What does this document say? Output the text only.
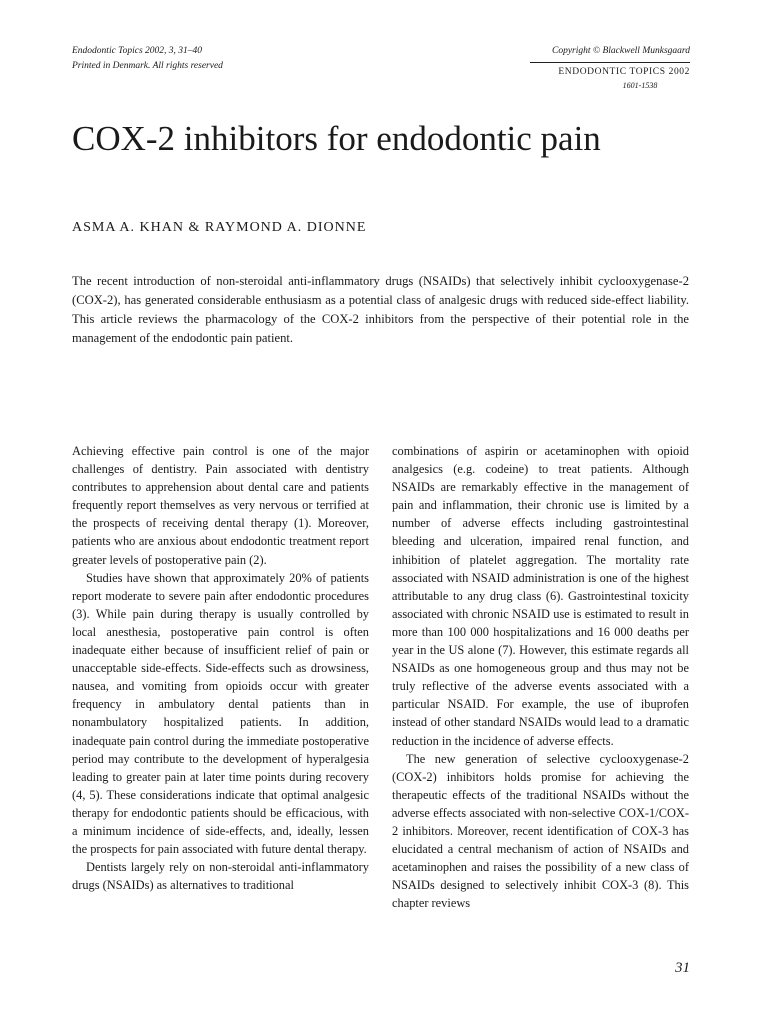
Endodontic Topics 2002, 3, 31–40
Printed in Denmark. All rights reserved
Copyright © Blackwell Munksgaard
ENDODONTIC TOPICS 2002
1601-1538
COX-2 inhibitors for endodontic pain

ASMA A. KHAN & RAYMOND A. DIONNE

The recent introduction of non-steroidal anti-inflammatory drugs (NSAIDs) that selectively inhibit cyclooxygenase-2 (COX-2), has generated considerable enthusiasm as a potential class of analgesic drugs with reduced side-effect liability. This article reviews the pharmacology of the COX-2 inhibitors from the perspective of their potential role in the management of the endodontic pain patient.

Achieving effective pain control is one of the major challenges of dentistry. Pain associated with dentistry contributes to apprehension about dental care and patients frequently report themselves as very nervous or terrified at the prospects of receiving dental therapy (1). Moreover, patients who are anxious about endodontic treatment report greater levels of postoperative pain (2).

Studies have shown that approximately 20% of patients report moderate to severe pain after endodontic procedures (3). While pain during therapy is usually controlled by local anesthesia, postoperative pain control is often inadequate either because of insufficient relief of pain or unacceptable side-effects. Side-effects such as drowsiness, nausea, and vomiting from opioids occur with greater frequency in ambulatory dental patients than in nonambulatory hospitalized patients. In addition, inadequate pain control during the immediate postoperative period may contribute to the development of hyperalgesia leading to greater pain at later time points during recovery (4, 5). These considerations indicate that optimal analgesic therapy for endodontic patients should be efficacious, with a minimum incidence of side-effects, and, ideally, lessen the prospects for pain associated with future dental therapy.

Dentists largely rely on non-steroidal anti-inflammatory drugs (NSAIDs) as alternatives to traditional

combinations of aspirin or acetaminophen with opioid analgesics (e.g. codeine) to treat patients. Although NSAIDs are remarkably effective in the management of pain and inflammation, their chronic use is limited by a number of adverse effects including gastrointestinal bleeding and ulceration, impaired renal function, and inhibition of platelet aggregation. The mortality rate associated with NSAID administration is one of the highest attributable to any drug class (6). Gastrointestinal toxicity associated with chronic NSAID use is estimated to result in more than 100 000 hospitalizations and 16 000 deaths per year in the US alone (7). However, this estimate regards all NSAIDs as one homogeneous group and thus may not be truly reflective of the adverse events associated with a particular NSAID. For example, the use of ibuprofen instead of other standard NSAIDs would lead to a dramatic reduction in the incidence of adverse effects.

The new generation of selective cyclooxygenase-2 (COX-2) inhibitors holds promise for achieving the therapeutic effects of the traditional NSAIDs without the adverse effects associated with non-selective COX-1/COX-2 inhibitors. Moreover, recent identification of COX-3 has elucidated a central mechanism of action of NSAIDs and acetaminophen and raises the possibility of a new class of NSAIDs designed to selectively inhibit COX-3 (8). This chapter reviews

31
